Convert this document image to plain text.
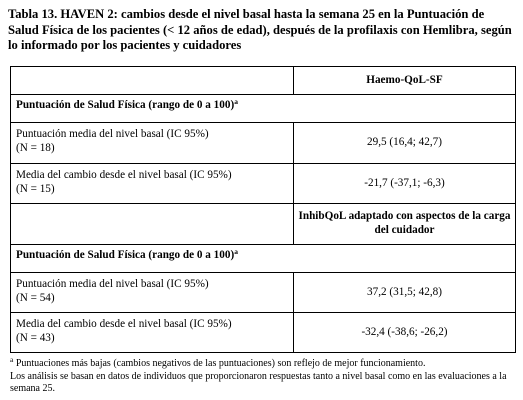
Tabla 13. HAVEN 2: cambios desde el nivel basal hasta la semana 25 en la Puntuación de Salud Física de los pacientes (< 12 años de edad), después de la profilaxis con Hemlibra, según lo informado por los pacientes y cuidadores
	Haemo-QoL-SF
Puntuación de Salud Física (rango de 0 a 100)$^a$
Puntuación media del nivel basal (IC 95%)
(N = 18)	29,5 (16,4; 42,7)
Media del cambio desde el nivel basal (IC 95%)
(N = 15)	-21,7 (-37,1; -6,3)
	InhibQoL adaptado con aspectos de la carga del cuidador
Puntuación de Salud Física (rango de 0 a 100)$^a$
Puntuación media del nivel basal (IC 95%)
(N = 54)	37,2 (31,5; 42,8)
Media del cambio desde el nivel basal (IC 95%)
(N = 43)	-32,4 (-38,6; -26,2)
$^a$ Puntuaciones más bajas (cambios negativos de las puntuaciones) son reflejo de mejor funcionamiento.
Los análisis se basan en datos de individuos que proporcionaron respuestas tanto a nivel basal como en las evaluaciones a la semana 25.
